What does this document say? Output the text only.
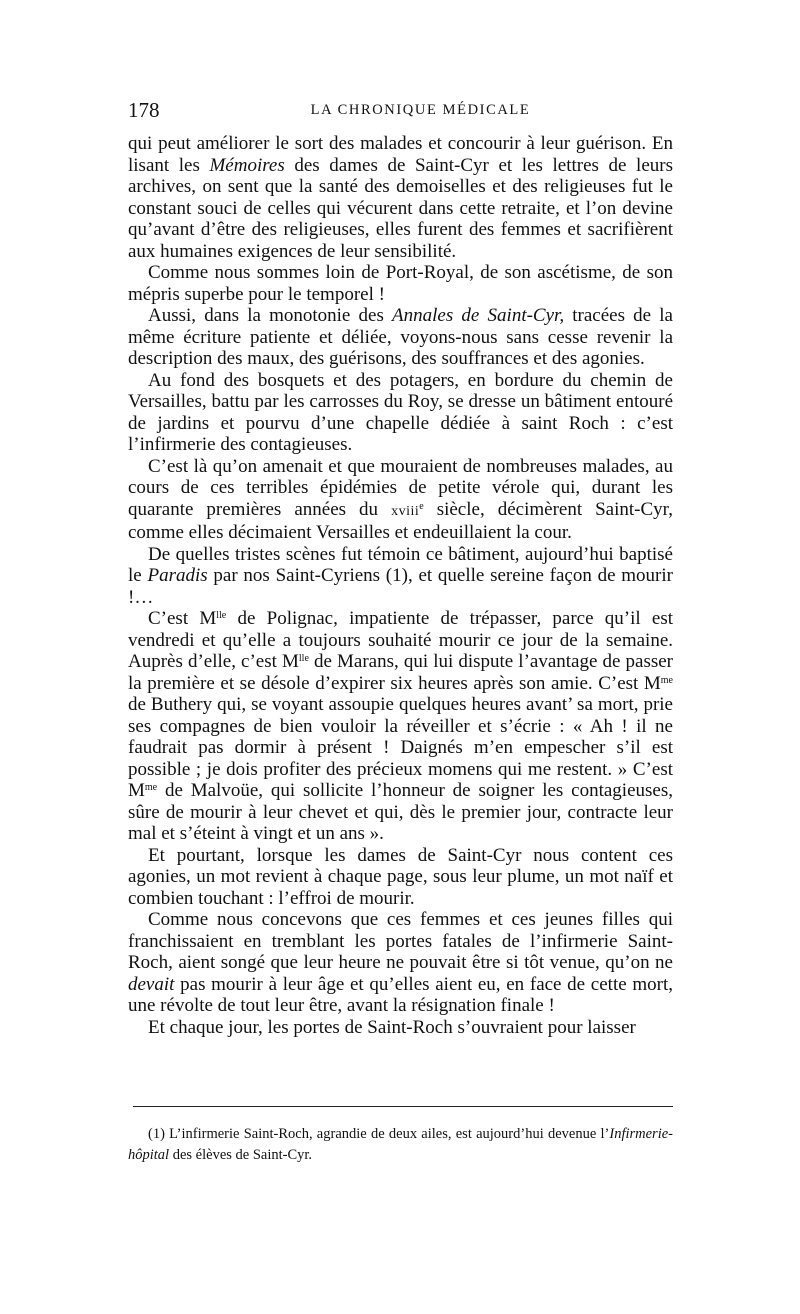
178	LA CHRONIQUE MÉDICALE

qui peut améliorer le sort des malades et concourir à leur guérison. En lisant les Mémoires des dames de Saint-Cyr et les lettres de leurs archives, on sent que la santé des demoiselles et des religieuses fut le constant souci de celles qui vécurent dans cette retraite, et l’on devine qu’avant d’être des religieuses, elles furent des femmes et sacrifièrent aux humaines exigences de leur sensibilité.

Comme nous sommes loin de Port-Royal, de son ascétisme, de son mépris superbe pour le temporel !

Aussi, dans la monotonie des Annales de Saint-Cyr, tracées de la même écriture patiente et déliée, voyons-nous sans cesse revenir la description des maux, des guérisons, des souffrances et des agonies.

Au fond des bosquets et des potagers, en bordure du chemin de Versailles, battu par les carrosses du Roy, se dresse un bâtiment entouré de jardins et pourvu d’une chapelle dédiée à saint Roch : c’est l’infirmerie des contagieuses.

C’est là qu’on amenait et que mouraient de nombreuses malades, au cours de ces terribles épidémies de petite vérole qui, durant les quarante premières années du xviii$^e$ siècle, décimèrent Saint-Cyr, comme elles décimaient Versailles et endeuillaient la cour.

De quelles tristes scènes fut témoin ce bâtiment, aujourd’hui baptisé le Paradis par nos Saint-Cyriens (1), et quelle sereine façon de mourir !…

C’est $M^{lle}$ de Polignac, impatiente de trépasser, parce qu’il est vendredi et qu’elle a toujours souhaité mourir ce jour de la semaine. Auprès d’elle, c’est $M^{lle}$ de Marans, qui lui dispute l’avantage de passer la première et se désole d’expirer six heures après son amie. C’est $M^{me}$ de Buthery qui, se voyant assoupie quelques heures avant’ sa mort, prie ses compagnes de bien vouloir la réveiller et s’écrie : « Ah ! il ne faudrait pas dormir à présent ! Daignés m’en empescher s’il est possible ; je dois profiter des précieux momens qui me restent. » C’est $M^{me}$ de Malvoüe, qui sollicite l’honneur de soigner les contagieuses, sûre de mourir à leur chevet et qui, dès le premier jour, contracte leur mal et s’éteint à vingt et un ans ».

Et pourtant, lorsque les dames de Saint-Cyr nous content ces agonies, un mot revient à chaque page, sous leur plume, un mot naïf et combien touchant : l’effroi de mourir.

Comme nous concevons que ces femmes et ces jeunes filles qui franchissaient en tremblant les portes fatales de l’infirmerie Saint-Roch, aient songé que leur heure ne pouvait être si tôt venue, qu’on ne devait pas mourir à leur âge et qu’elles aient eu, en face de cette mort, une révolte de tout leur être, avant la résignation finale !

Et chaque jour, les portes de Saint-Roch s’ouvraient pour laisser

(1) L’infirmerie Saint-Roch, agrandie de deux ailes, est aujourd’hui devenue l’Infirmerie-hôpital des élèves de Saint-Cyr.
